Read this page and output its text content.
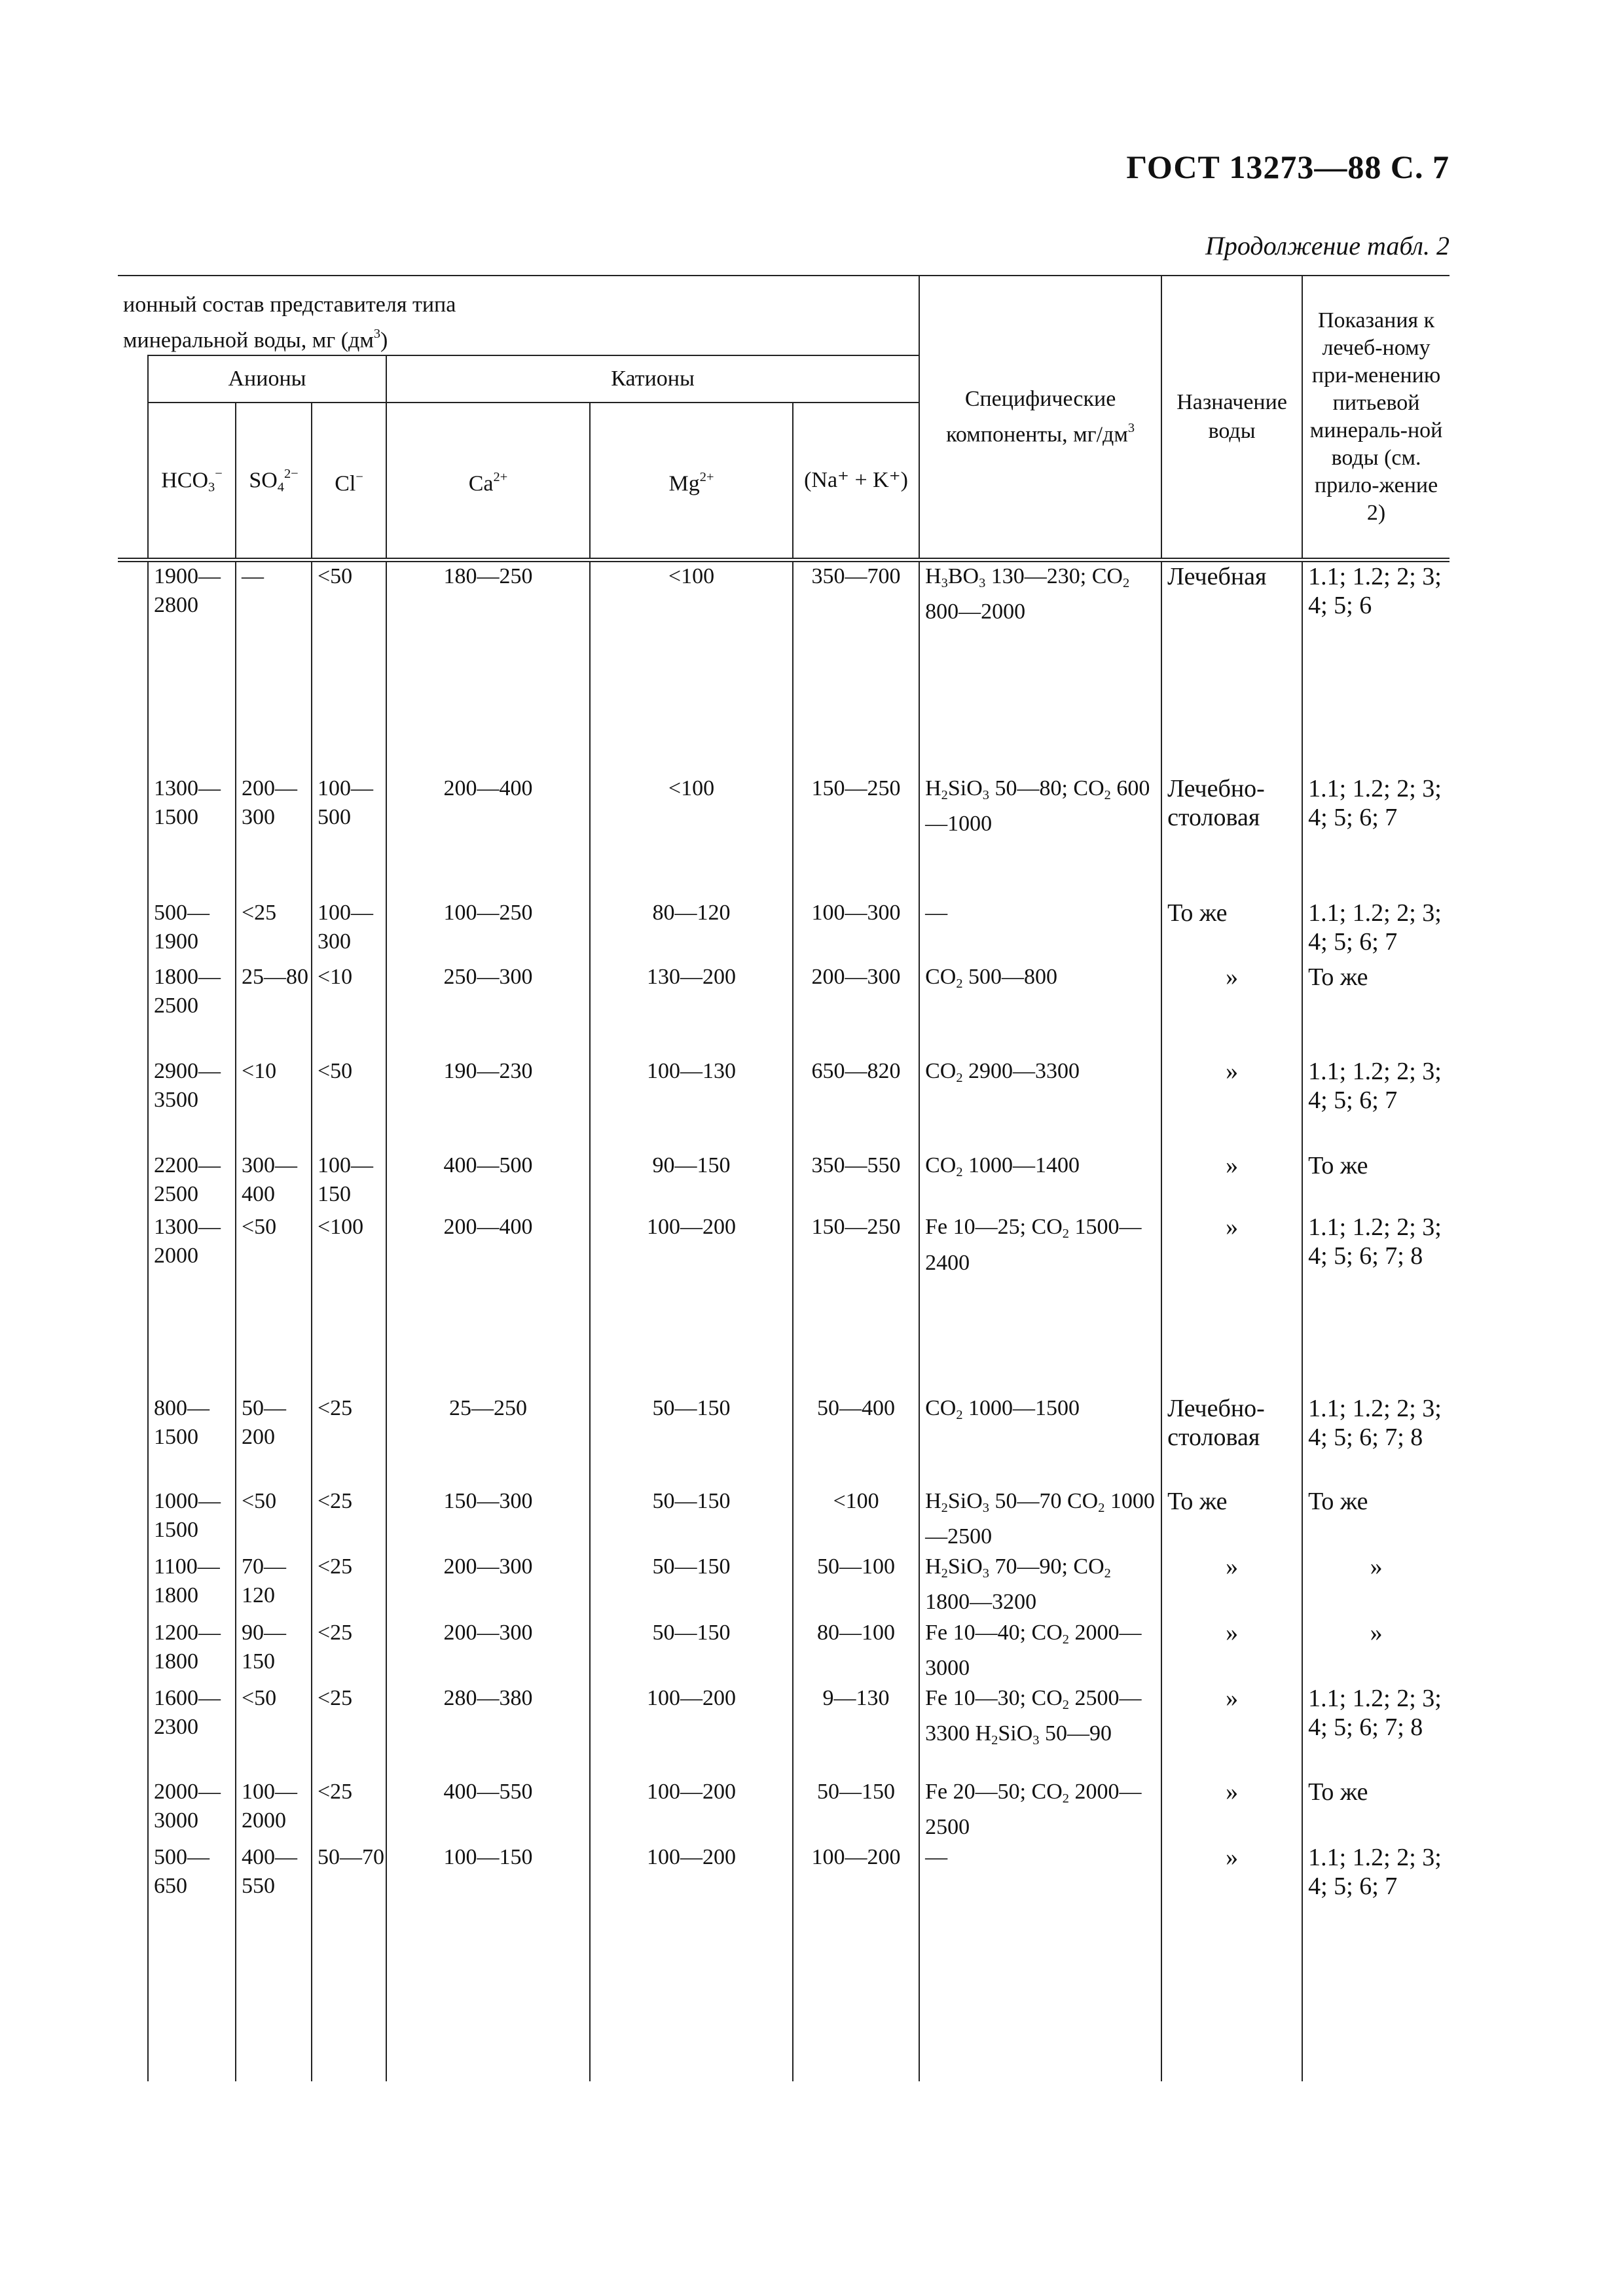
ГОСТ 13273—88 С. 7
Продолжение табл. 2
ионный состав представителя типа
минеральной воды, мг $(дм^3)$							Специфические компоненты, $мг/дм^3$	Назначение воды	Показания к лечеб-ному при-менению питьевой минераль-ной воды (см. прило-жение 2)
	Анионы			Катионы					
	$HCO_3^-$	$SO_4^{2-}$	Cl−	$Ca^{2+}$	$Mg^{2+}$	(Na⁺ + K⁺)			
	1900—2800	—	<50	180—250	<100	350—700	$H_3BO_3$ 130—230; $CO_2$ 800—2000	Лечебная	1.1; 1.2; 2; 3; 4; 5; 6
	1300—1500	200—300	100—500	200—400	<100	150—250	$H_2SiO_3$ 50—80; $CO_2$ 600—1000	Лечебно-столовая	1.1; 1.2; 2; 3; 4; 5; 6; 7
	500—1900	<25	100—300	100—250	80—120	100—300	—	То же	1.1; 1.2; 2; 3; 4; 5; 6; 7
	1800—2500	25—80	<10	250—300	130—200	200—300	$CO_2$ 500—800	»	То же
	2900—3500	<10	<50	190—230	100—130	650—820	$CO_2$ 2900—3300	»	1.1; 1.2; 2; 3; 4; 5; 6; 7
	2200—2500	300—400	100—150	400—500	90—150	350—550	$CO_2$ 1000—1400	»	То же
	1300—2000	<50	<100	200—400	100—200	150—250	Fe 10—25; $CO_2$ 1500—2400	»	1.1; 1.2; 2; 3; 4; 5; 6; 7; 8
	800—1500	50—200	<25	25—250	50—150	50—400	$CO_2$ 1000—1500	Лечебно-столовая	1.1; 1.2; 2; 3; 4; 5; 6; 7; 8
	1000—1500	<50	<25	150—300	50—150	<100	$H_2SiO_3$ 50—70 $CO_2$ 1000—2500	То же	То же
	1100—1800	70—120	<25	200—300	50—150	50—100	$H_2SiO_3$ 70—90; $CO_2$ 1800—3200	»	»
	1200—1800	90—150	<25	200—300	50—150	80—100	Fe 10—40; $CO_2$ 2000—3000	»	»
	1600—2300	<50	<25	280—380	100—200	9—130	Fe 10—30; $CO_2$ 2500—3300 $H_2SiO_3$ 50—90	»	1.1; 1.2; 2; 3; 4; 5; 6; 7; 8
	2000—3000	100—2000	<25	400—550	100—200	50—150	Fe 20—50; $CO_2$ 2000—2500	»	То же
	500—650	400—550	50—70	100—150	100—200	100—200	—	»	1.1; 1.2; 2; 3; 4; 5; 6; 7
